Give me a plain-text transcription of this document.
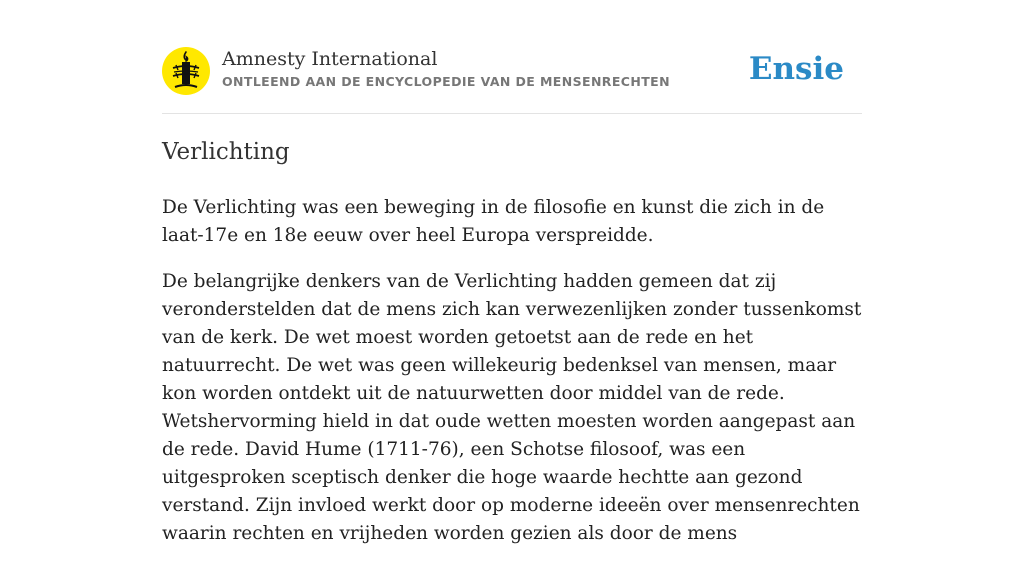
Amnesty International
ONTLEEND AAN DE ENCYCLOPEDIE VAN DE MENSENRECHTEN	Ensie
Verlichting

De Verlichting was een beweging in de filosofie en kunst die zich in de laat-17e en 18e eeuw over heel Europa verspreidde.

De belangrijke denkers van de Verlichting hadden gemeen dat zij veronderstelden dat de mens zich kan verwezenlijken zonder tussenkomst van de kerk. De wet moest worden getoetst aan de rede en het natuurrecht. De wet was geen willekeurig bedenksel van mensen, maar kon worden ontdekt uit de natuurwetten door middel van de rede. Wetshervorming hield in dat oude wetten moesten worden aangepast aan de rede. David Hume (1711-76), een Schotse filosoof, was een uitgesproken sceptisch denker die hoge waarde hechtte aan gezond verstand. Zijn invloed werkt door op moderne ideeën over mensenrechten waarin rechten en vrijheden worden gezien als door de mens
